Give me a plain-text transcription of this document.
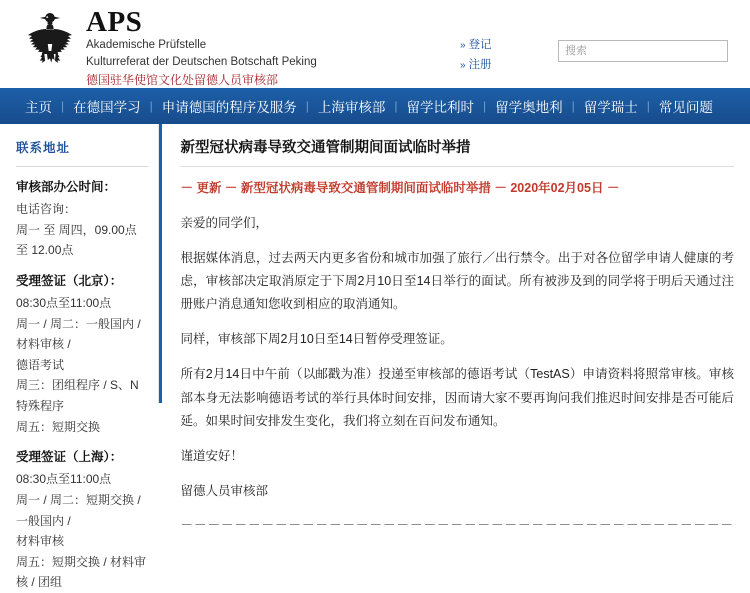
APS
Akademische Prüfstelle
Kulturreferat der Deutschen Botschaft Peking
德国驻华使馆文化处留德人员审核部
» 登记
» 注册
搜索
主页 | 在德国学习 | 申请德国的程序及服务 | 上海审核部 | 留学比利时 | 留学奥地利 | 留学瑞士 | 常见问题
联系地址
审核部办公时间：
电话咨询：
周一 至 周四，09.00点 至 12.00点
受理签证（北京）：
08:30点至11:00点
周一 / 周二：一般国内 / 材料审核 /
德语考试
周三：团组程序 / S、N特殊程序
周五：短期交换
受理签证（上海）：
08:30点至11:00点
周一 / 周二：短期交换 / 一般国内 /
材料审核
周五：短期交换 / 材料审核 / 团组
新型冠状病毒导致交通管制期间面试临时举措
－ 更新 － 新型冠状病毒导致交通管制期间面试临时举措 － 2020年02月05日 －

亲爱的同学们，

根据媒体消息，过去两天内更多省份和城市加强了旅行／出行禁令。出于对各位留学申请人健康的考虑，审核部决定取消原定于下周2月10日至14日举行的面试。所有被涉及到的同学将于明后天通过注册账户消息通知您收到相应的取消通知。

同样，审核部下周2月10日至14日暂停受理签证。

所有2月14日中午前（以邮戳为准）投递至审核部的德语考试（TestAS）申请资料将照常审核。审核部本身无法影响德语考试的举行具体时间安排，因而请大家不要再询问我们推迟时间安排是否可能后延。如果时间安排发生变化，我们将立刻在百问发布通知。

谨道安好！

留德人员审核部

－－－－－－－－－－－－－－－－－－－－－－－－－－－－－－－－－－－－－－－－－
